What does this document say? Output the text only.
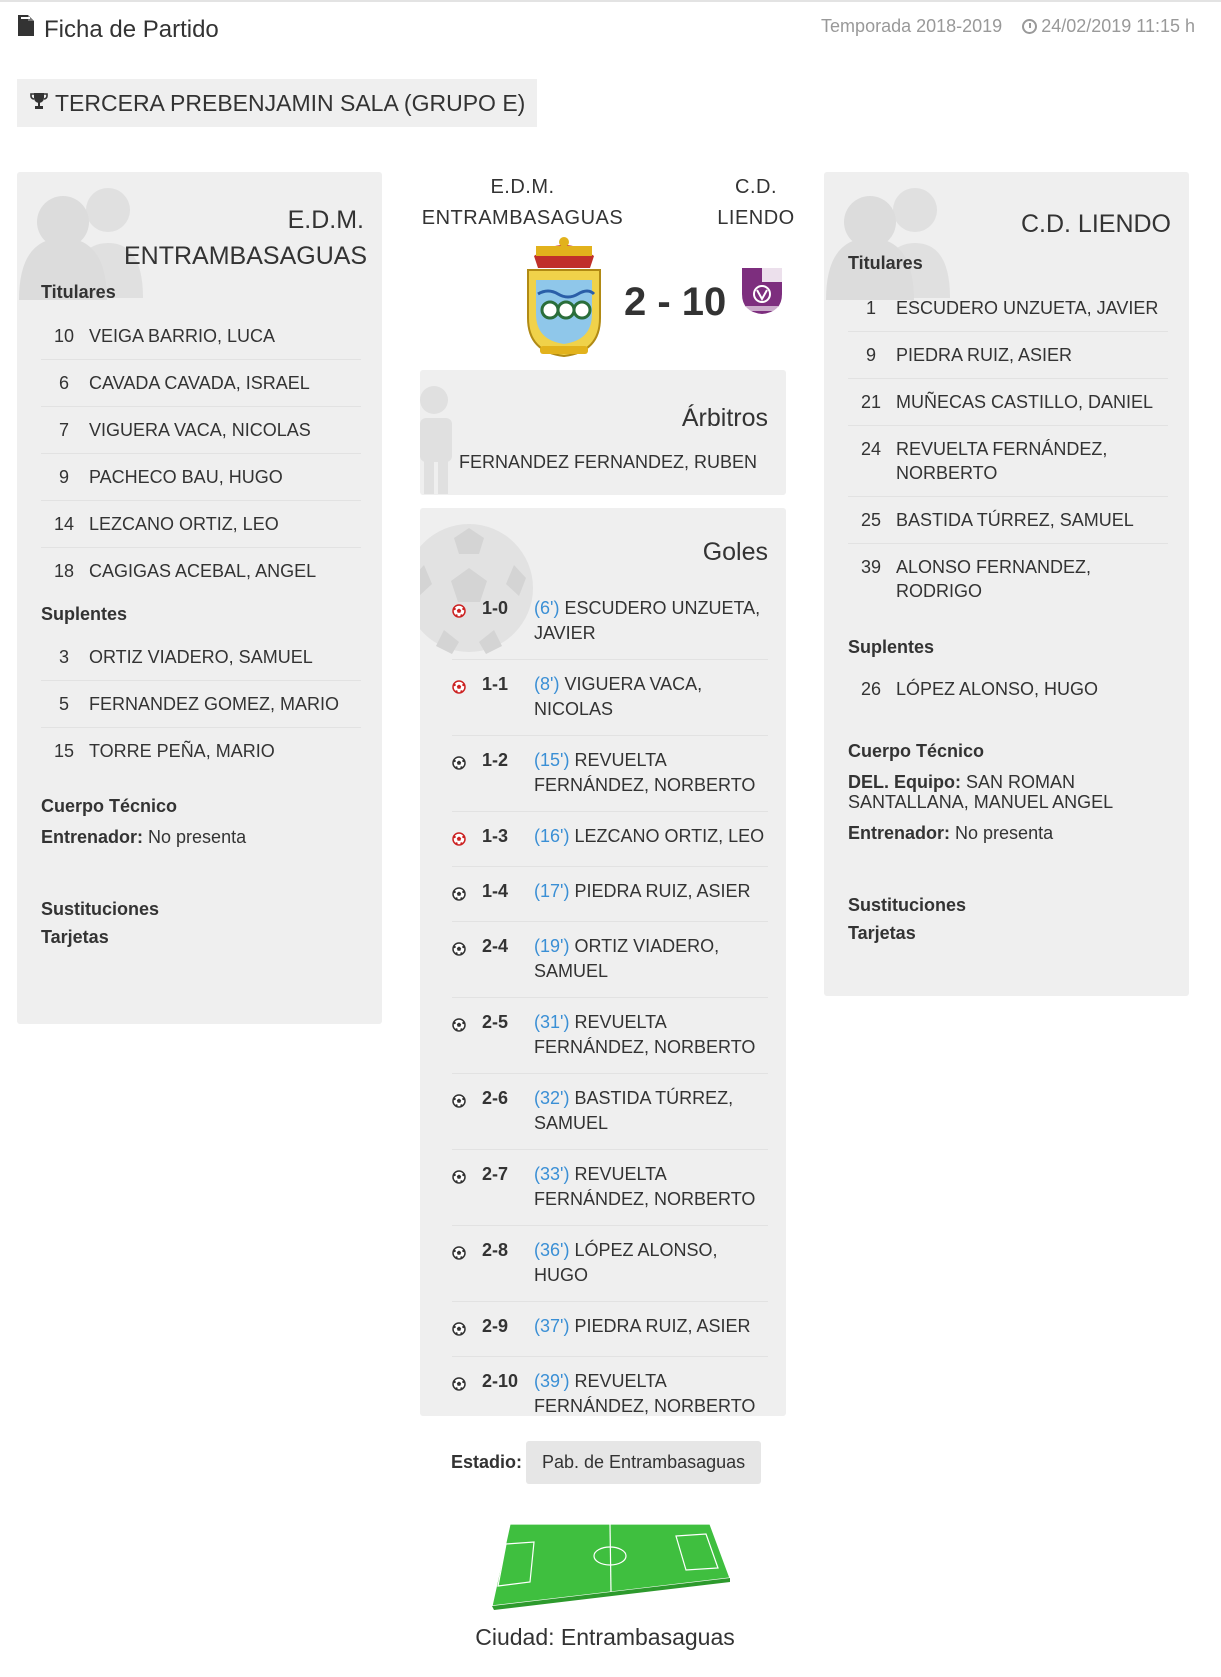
Ficha de Partido	Temporada 2018-2019	24/02/2019 11:15 h
TERCERA PREBENJAMIN SALA (GRUPO E)
E.D.M.
ENTRAMBASAGUAS
Titulares
10 VEIGA BARRIO, LUCA
6	CAVADA CAVADA, ISRAEL
7	VIGUERA VACA, NICOLAS
9	PACHECO BAU, HUGO
14 LEZCANO ORTIZ, LEO
18 CAGIGAS ACEBAL, ANGEL
Suplentes
3	ORTIZ VIADERO, SAMUEL
5	FERNANDEZ GOMEZ, MARIO
15 TORRE PEÑA, MARIO
Cuerpo Técnico
Entrenador: No presenta
Sustituciones
Tarjetas
E.D.M.
ENTRAMBASAGUAS
C.D.
LIENDO
2 - 10
C.D. LIENDO
Titulares
1	ESCUDERO UNZUETA, JAVIER
9	PIEDRA RUIZ, ASIER
21 MUÑECAS CASTILLO, DANIEL
24 REVUELTA FERNÁNDEZ, NORBERTO
25 BASTIDA TÚRREZ, SAMUEL
39 ALONSO FERNANDEZ, RODRIGO
Suplentes
26 LÓPEZ ALONSO, HUGO
Cuerpo Técnico
DEL. Equipo: SAN ROMAN SANTALLANA, MANUEL ANGEL
Entrenador: No presenta
Sustituciones
Tarjetas
Árbitros
FERNANDEZ FERNANDEZ, RUBEN
Goles
1-0	(6') ESCUDERO UNZUETA, JAVIER
1-1	(8') VIGUERA VACA, NICOLAS
1-2	(15') REVUELTA FERNÁNDEZ, NORBERTO
1-3	(16') LEZCANO ORTIZ, LEO
1-4	(17') PIEDRA RUIZ, ASIER
2-4	(19') ORTIZ VIADERO, SAMUEL
2-5	(31') REVUELTA FERNÁNDEZ, NORBERTO
2-6	(32') BASTIDA TÚRREZ, SAMUEL
2-7	(33') REVUELTA FERNÁNDEZ, NORBERTO
2-8	(36') LÓPEZ ALONSO, HUGO
2-9	(37') PIEDRA RUIZ, ASIER
2-10 (39') REVUELTA FERNÁNDEZ, NORBERTO
Estadio:	Pab. de Entrambasaguas
Ciudad: Entrambasaguas
